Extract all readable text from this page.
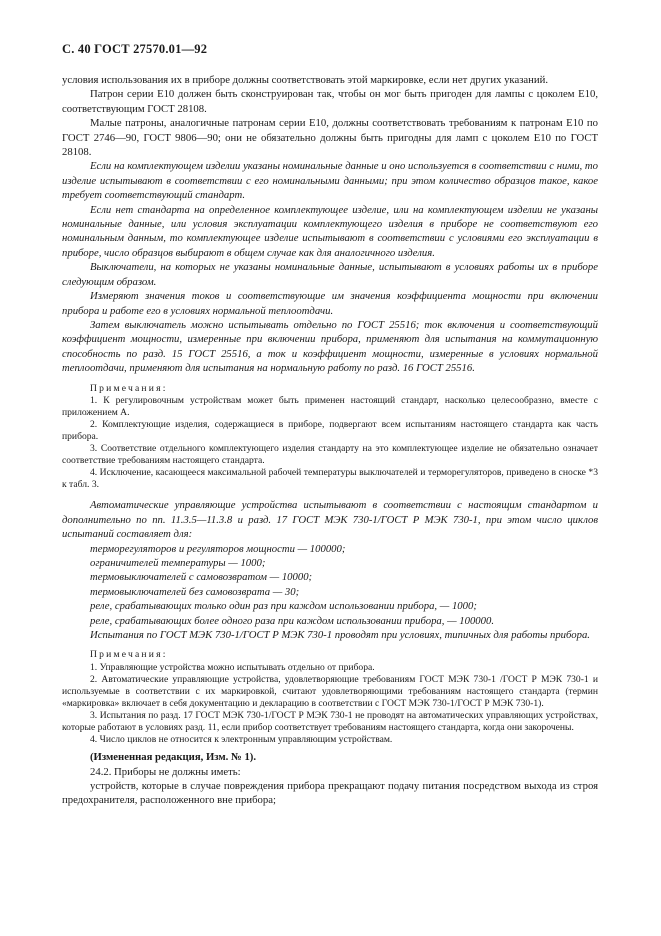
С. 40 ГОСТ 27570.01—92

условия использования их в приборе должны соответствовать этой маркировке, если нет других указаний.

Патрон серии Е10 должен быть сконструирован так, чтобы он мог быть пригоден для лампы с цоколем Е10, соответствующим ГОСТ 28108.

Малые патроны, аналогичные патронам серии Е10, должны соответствовать требованиям к патронам Е10 по ГОСТ 2746—90, ГОСТ 9806—90; они не обязательно должны быть пригодны для ламп с цоколем Е10 по ГОСТ 28108.

Если на комплектующем изделии указаны номинальные данные и оно используется в соответствии с ними, то изделие испытывают в соответствии с его номинальными данными; при этом количество образцов такое, какое требует соответствующий стандарт.

Если нет стандарта на определенное комплектующее изделие, или на комплектующем изделии не указаны номинальные данные, или условия эксплуатации комплектующего изделия в приборе не соответствуют его номинальным данным, то комплектующее изделие испытывают в соответствии с условиями его эксплуатации в приборе, число образцов выбирают в общем случае как для аналогичного изделия.

Выключатели, на которых не указаны номинальные данные, испытывают в условиях работы их в приборе следующим образом.

Измеряют значения токов и соответствующие им значения коэффициента мощности при включении прибора и работе его в условиях нормальной теплоотдачи.

Затем выключатель можно испытывать отдельно по ГОСТ 25516; ток включения и соответствующий коэффициент мощности, измеренные при включении прибора, применяют для испытания на коммутационную способность по разд. 15 ГОСТ 25516, а ток и коэффициент мощности, измеренные в условиях нормальной теплоотдачи, применяют для испытания на нормальную работу по разд. 16 ГОСТ 25516.

Примечания:

1. К регулировочным устройствам может быть применен настоящий стандарт, насколько целесообразно, вместе с приложением А.

2. Комплектующие изделия, содержащиеся в приборе, подвергают всем испытаниям настоящего стандарта как часть прибора.

3. Соответствие отдельного комплектующего изделия стандарту на это комплектующее изделие не обязательно означает соответствие требованиям настоящего стандарта.

4. Исключение, касающееся максимальной рабочей температуры выключателей и терморегуляторов, приведено в сноске *3 к табл. 3.

Автоматические управляющие устройства испытывают в соответствии с настоящим стандартом и дополнительно по пп. 11.3.5—11.3.8 и разд. 17 ГОСТ МЭК 730-1/ГОСТ Р МЭК 730-1, при этом число циклов испытаний составляет для:

терморегуляторов и регуляторов мощности — 100000;

ограничителей температуры — 1000;

термовыключателей с самовозвратом — 10000;

термовыключателей без самовозврата — 30;

реле, срабатывающих только один раз при каждом использовании прибора, — 1000;

реле, срабатывающих более одного раза при каждом использовании прибора, — 100000.

Испытания по ГОСТ МЭК 730-1/ГОСТ Р МЭК 730-1 проводят при условиях, типичных для работы прибора.

Примечания:

1. Управляющие устройства можно испытывать отдельно от прибора.

2. Автоматические управляющие устройства, удовлетворяющие требованиям ГОСТ МЭК 730-1 /ГОСТ Р МЭК 730-1 и используемые в соответствии с их маркировкой, считают удовлетворяющими требованиям настоящего стандарта (термин «маркировка» включает в себя документацию и декларацию в соответствии с ГОСТ МЭК 730-1/ГОСТ Р МЭК 730-1).

3. Испытания по разд. 17 ГОСТ МЭК 730-1/ГОСТ Р МЭК 730-1 не проводят на автоматических управляющих устройствах, которые работают в условиях разд. 11, если прибор соответствует требованиям настоящего стандарта, когда они закорочены.

4. Число циклов не относится к электронным управляющим устройствам.

(Измененная редакция, Изм. № 1).

24.2. Приборы не должны иметь:

устройств, которые в случае повреждения прибора прекращают подачу питания посредством выхода из строя предохранителя, расположенного вне прибора;
